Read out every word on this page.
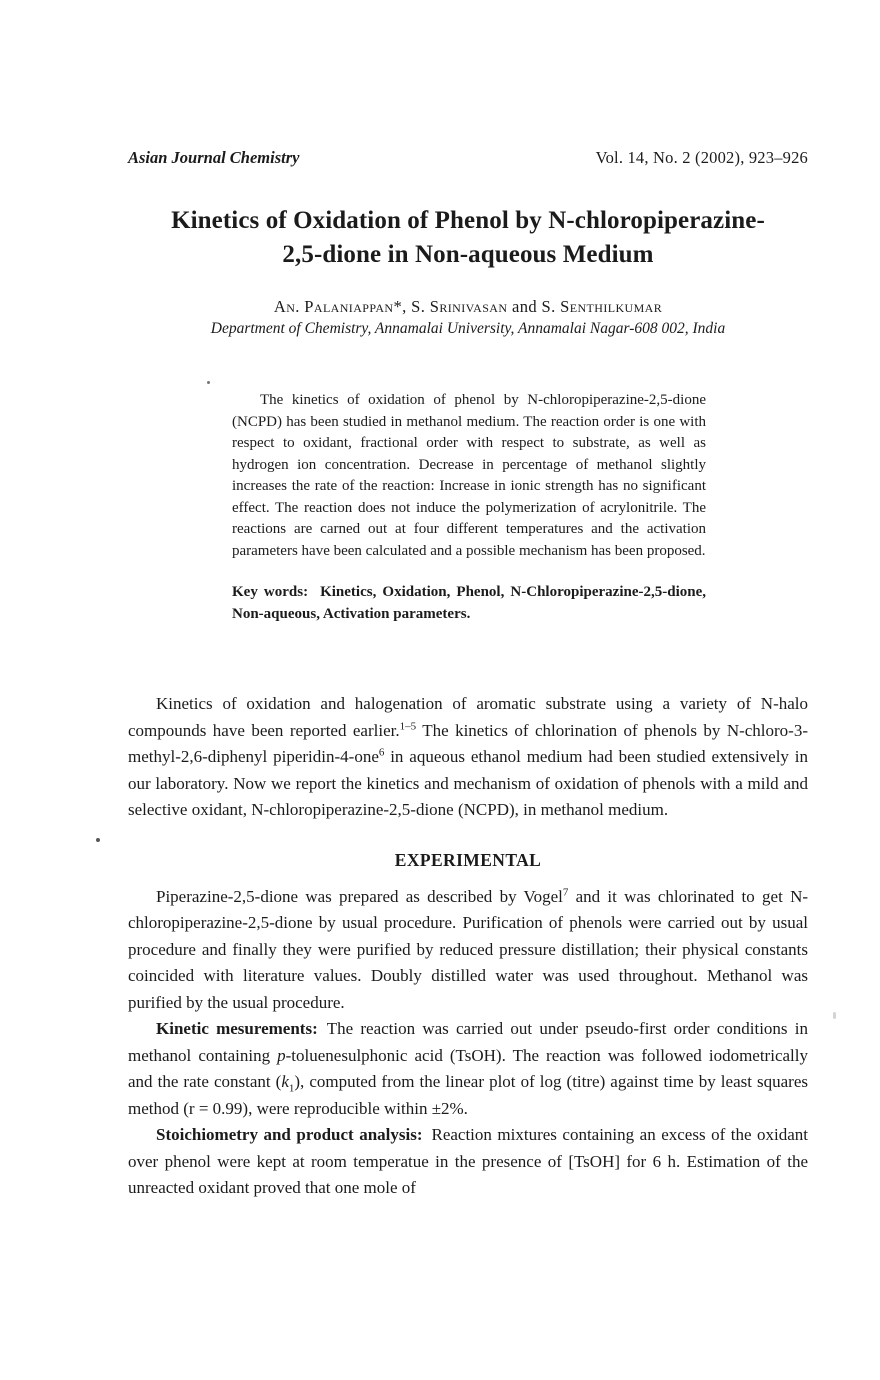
Asian Journal Chemistry	Vol. 14, No. 2 (2002), 923–926
Kinetics of Oxidation of Phenol by N-chloropiperazine-
2,5-dione in Non-aqueous Medium
An. Palaniappan*, S. Srinivasan and S. Senthilkumar
Department of Chemistry, Annamalai University, Annamalai Nagar-608 002, India

The kinetics of oxidation of phenol by N-chloropiperazine-2,5-dione (NCPD) has been studied in methanol medium. The reaction order is one with respect to oxidant, fractional order with respect to substrate, as well as hydrogen ion concentration. Decrease in percentage of methanol slightly increases the rate of the reaction: Increase in ionic strength has no significant effect. The reaction does not induce the polymerization of acrylonitrile. The reactions are carned out at four different temperatures and the activation parameters have been calculated and a possible mechanism has been proposed.

Key words: Kinetics, Oxidation, Phenol, N-Chloropiperazine-2,5-dione, Non-aqueous, Activation parameters.

Kinetics of oxidation and halogenation of aromatic substrate using a variety of N-halo compounds have been reported earlier.$^{1-5}$ The kinetics of chlorination of phenols by N-chloro-3-methyl-2,6-diphenyl piperidin-4-one$^6$ in aqueous ethanol medium had been studied extensively in our laboratory. Now we report the kinetics and mechanism of oxidation of phenols with a mild and selective oxidant, N-chloropiperazine-2,5-dione (NCPD), in methanol medium.

EXPERIMENTAL

Piperazine-2,5-dione was prepared as described by Vogel$^7$ and it was chlorinated to get N-chloropiperazine-2,5-dione by usual procedure. Purification of phenols were carried out by usual procedure and finally they were purified by reduced pressure distillation; their physical constants coincided with literature values. Doubly distilled water was used throughout. Methanol was purified by the usual procedure.

Kinetic mesurements: The reaction was carried out under pseudo-first order conditions in methanol containing p-toluenesulphonic acid (TsOH). The reaction was followed iodometrically and the rate constant $(k_1)$, computed from the linear plot of log (titre) against time by least squares method (r = 0.99), were reproducible within ±2%.

Stoichiometry and product analysis: Reaction mixtures containing an excess of the oxidant over phenol were kept at room temperatue in the presence of [TsOH] for 6 h. Estimation of the unreacted oxidant proved that one mole of
